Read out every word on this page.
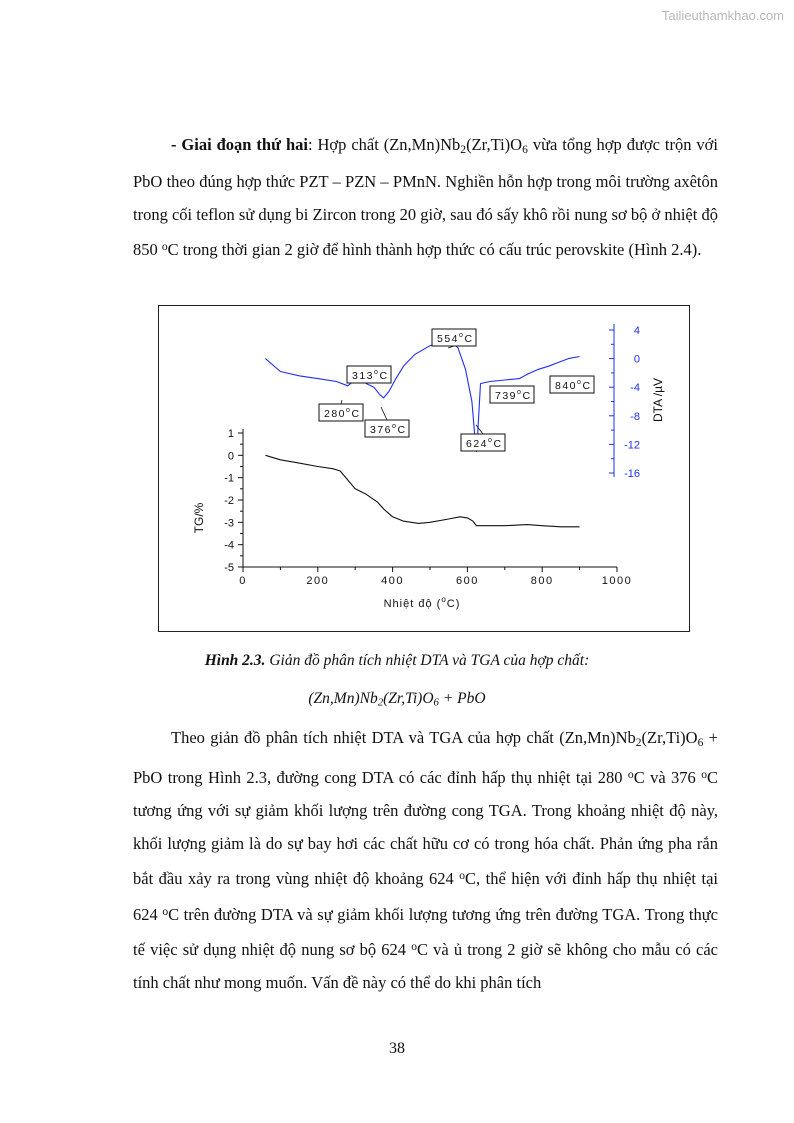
Tailieuthamkhao.com
- Giai đoạn thứ hai: Hợp chất $(Zn,Mn)Nb_2(Zr,Ti)O_6$ vừa tổng hợp được trộn với PbO theo đúng hợp thức PZT – PZN – PMnN. Nghiền hỗn hợp trong môi trường axêtôn trong cối teflon sử dụng bi Zircon trong 20 giờ, sau đó sấy khô rồi nung sơ bộ ở nhiệt độ 850 $^o$C trong thời gian 2 giờ để hình thành hợp thức có cấu trúc perovskite (Hình 2.4).
0	200	400	600	800	1000
Nhiệt độ ($^o$C)
1
0
-1
-2
-3
-4
-5
TG/%
4
0
-4
-8
-12
-16
DTA /µV
280$^o$C
313$^o$C
376$^o$C
554$^o$C
624$^o$C
739$^o$C
840$^o$C
Hình 2.3. Giản đồ phân tích nhiệt DTA và TGA của hợp chất:
$(Zn,Mn)Nb_2(Zr,Ti)O_6$ + PbO
Theo giản đồ phân tích nhiệt DTA và TGA của hợp chất $(Zn,Mn)Nb_2(Zr,Ti)O_6$ + PbO trong Hình 2.3, đường cong DTA có các đỉnh hấp thụ nhiệt tại 280 $^o$C và 376 $^o$C tương ứng với sự giảm khối lượng trên đường cong TGA. Trong khoảng nhiệt độ này, khối lượng giảm là do sự bay hơi các chất hữu cơ có trong hóa chất. Phản ứng pha rắn bắt đầu xảy ra trong vùng nhiệt độ khoảng 624 $^o$C, thể hiện với đỉnh hấp thụ nhiệt tại 624 $^o$C trên đường DTA và sự giảm khối lượng tương ứng trên đường TGA. Trong thực tế việc sử dụng nhiệt độ nung sơ bộ 624 $^o$C và ủ trong 2 giờ sẽ không cho mẫu có các tính chất như mong muốn. Vấn đề này có thể do khi phân tích
38
